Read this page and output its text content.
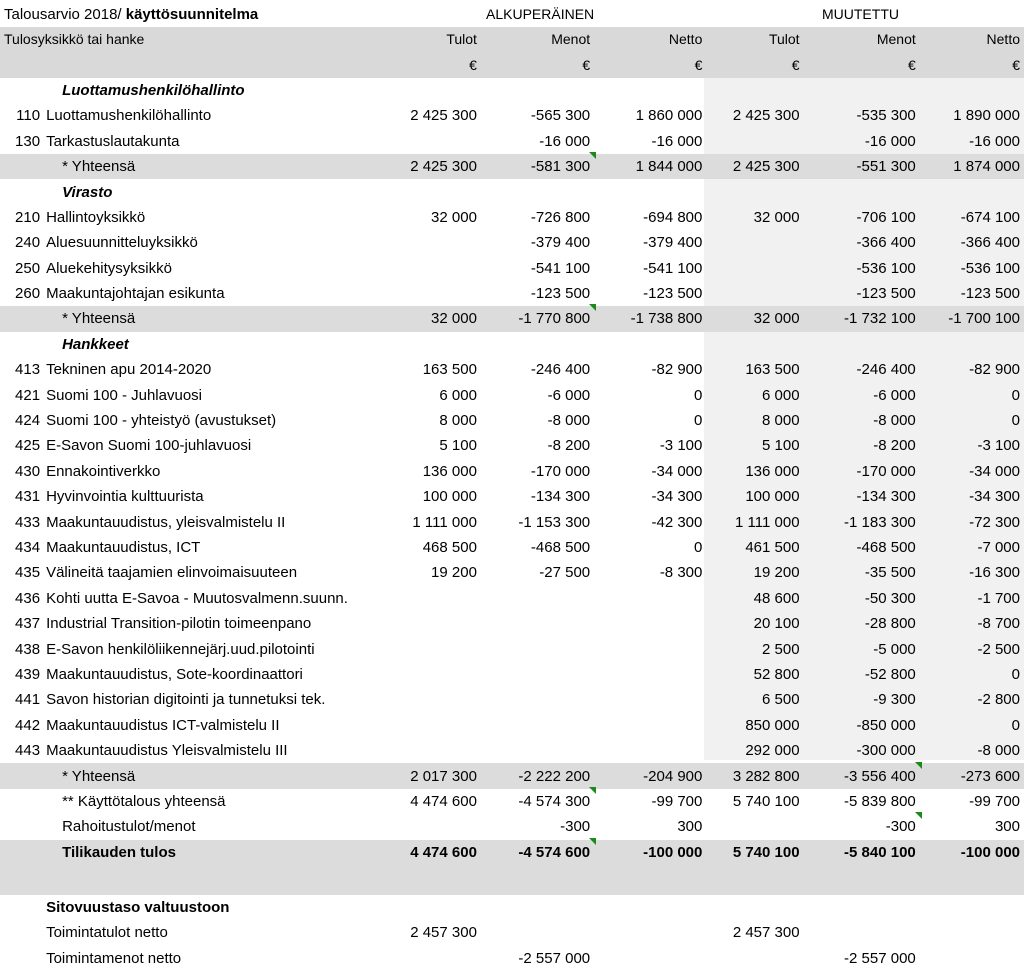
Talousarvio 2018/ käyttösuunnitelma	ALKUPERÄINEN	MUUTETTU
Tulosyksikkö tai hanke		Tulot	Menot	Netto	Tulot	Menot	Netto
		€	€	€	€	€	€
	Luottamushenkilöhallinto						
110	Luottamushenkilöhallinto	2 425 300	-565 300	1 860 000	2 425 300	-535 300	1 890 000
130	Tarkastuslautakunta		-16 000	-16 000		-16 000	-16 000
	* Yhteensä	2 425 300	-581 300	1 844 000	2 425 300	-551 300	1 874 000
	Virasto						
210	Hallintoyksikkö	32 000	-726 800	-694 800	32 000	-706 100	-674 100
240	Aluesuunnitteluyksikkö		-379 400	-379 400		-366 400	-366 400
250	Aluekehitysyksikkö		-541 100	-541 100		-536 100	-536 100
260	Maakuntajohtajan esikunta		-123 500	-123 500		-123 500	-123 500
	* Yhteensä	32 000	-1 770 800	-1 738 800	32 000	-1 732 100	-1 700 100
	Hankkeet						
413	Tekninen apu 2014-2020	163 500	-246 400	-82 900	163 500	-246 400	-82 900
421	Suomi 100 - Juhlavuosi	6 000	-6 000	0	6 000	-6 000	0
424	Suomi 100 - yhteistyö (avustukset)	8 000	-8 000	0	8 000	-8 000	0
425	E-Savon Suomi 100-juhlavuosi	5 100	-8 200	-3 100	5 100	-8 200	-3 100
430	Ennakointiverkko	136 000	-170 000	-34 000	136 000	-170 000	-34 000
431	Hyvinvointia kulttuurista	100 000	-134 300	-34 300	100 000	-134 300	-34 300
433	Maakuntauudistus, yleisvalmistelu II	1 111 000	-1 153 300	-42 300	1 111 000	-1 183 300	-72 300
434	Maakuntauudistus, ICT	468 500	-468 500	0	461 500	-468 500	-7 000
435	Välineitä taajamien elinvoimaisuuteen	19 200	-27 500	-8 300	19 200	-35 500	-16 300
436	Kohti uutta E-Savoa - Muutosvalmenn.suunn.				48 600	-50 300	-1 700
437	Industrial Transition-pilotin toimeenpano				20 100	-28 800	-8 700
438	E-Savon henkilöliikennejärj.uud.pilotointi				2 500	-5 000	-2 500
439	Maakuntauudistus, Sote-koordinaattori				52 800	-52 800	0
441	Savon historian digitointi ja tunnetuksi tek.				6 500	-9 300	-2 800
442	Maakuntauudistus ICT-valmistelu II				850 000	-850 000	0
443	Maakuntauudistus Yleisvalmistelu III				292 000	-300 000	-8 000
	* Yhteensä	2 017 300	-2 222 200	-204 900	3 282 800	-3 556 400	-273 600
	** Käyttötalous yhteensä	4 474 600	-4 574 300	-99 700	5 740 100	-5 839 800	-99 700
	Rahoitustulot/menot		-300	300		-300	300
	Tilikauden tulos	4 474 600	-4 574 600	-100 000	5 740 100	-5 840 100	-100 000

	Sitovuustaso valtuustoon						
	Toimintatulot netto	2 457 300			2 457 300		
	Toimintamenot netto		-2 557 000			-2 557 000	
